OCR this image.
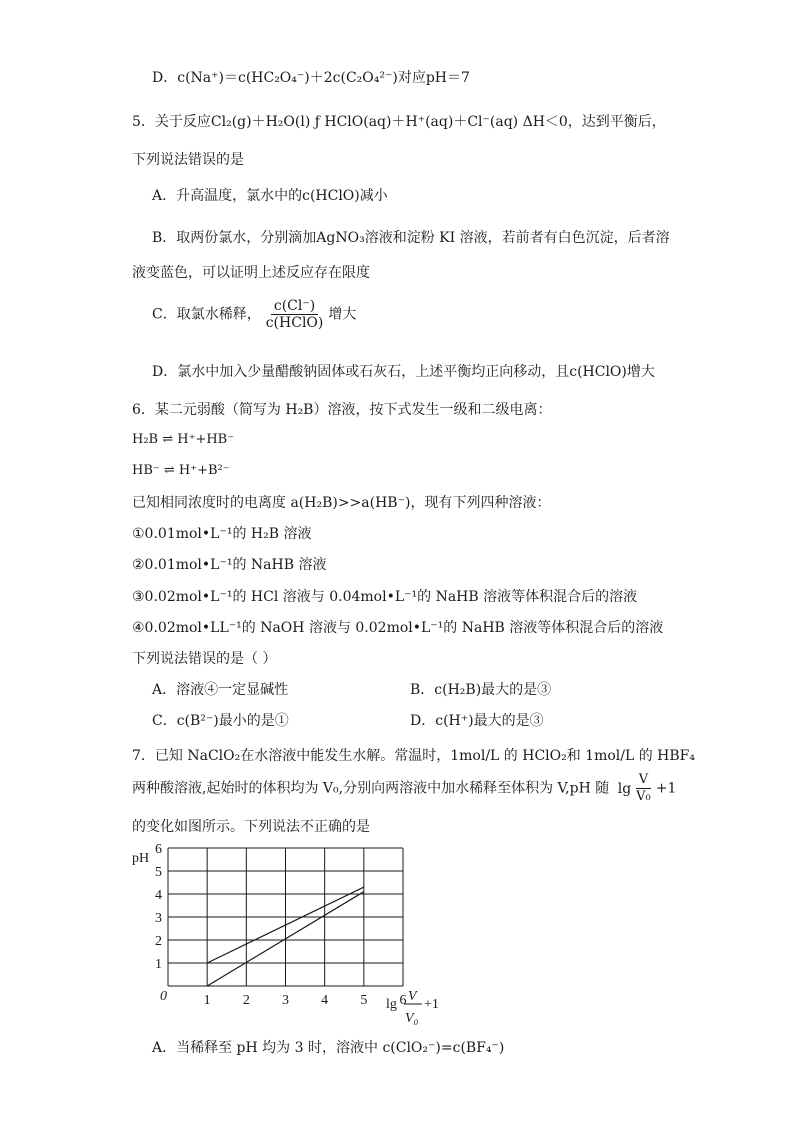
D．c(Na⁺)＝c(HC₂O₄⁻)＋2c(C₂O₄²⁻)对应pH＝7
5．关于反应Cl₂(g)＋H₂O(l) ƒ HClO(aq)＋H⁺(aq)＋Cl⁻(aq) ΔH＜0，达到平衡后，
下列说法错误的是
A．升高温度，氯水中的c(HClO)减小
B．取两份氯水，分别滴加AgNO₃溶液和淀粉 KI 溶液，若前者有白色沉淀，后者溶
液变蓝色，可以证明上述反应存在限度
C．取氯水稀释， $\frac{c(Cl^-)}{\text{c(HClO)}}$ 增大
D．氯水中加入少量醋酸钠固体或石灰石，上述平衡均正向移动，且c(HClO)增大
6．某二元弱酸（简写为 H₂B）溶液，按下式发生一级和二级电离：
H₂B ⇌ H⁺+HB⁻
HB⁻ ⇌ H⁺+B²⁻
已知相同浓度时的电离度 a(H₂B)>>a(HB⁻)，现有下列四种溶液：
①0.01mol•L⁻¹的 H₂B 溶液
②0.01mol•L⁻¹的 NaHB 溶液
③0.02mol•L⁻¹的 HCl 溶液与 0.04mol•L⁻¹的 NaHB 溶液等体积混合后的溶液
④0.02mol•LL⁻¹的 NaOH 溶液与 0.02mol•L⁻¹的 NaHB 溶液等体积混合后的溶液
下列说法错误的是（ ）
A．溶液④一定显碱性	B．c(H₂B)最大的是③
C．c(B²⁻)最小的是①	D．c(H⁺)最大的是③
7．已知 NaClO₂在水溶液中能发生水解。常温时，1mol/L 的 HClO₂和 1mol/L 的 HBF₄
两种酸溶液,起始时的体积均为 V₀,分别向两溶液中加水稀释至体积为 V,pH 随 $\lg \frac{V}{\text{V₀}} +1$
的变化如图所示。下列说法不正确的是
1 2 3 4 5 6
1
2
3
4
5
6
pH
0
lg
V
V₀
+1
A．当稀释至 pH 均为 3 时，溶液中 c(ClO₂⁻)=c(BF₄⁻)
